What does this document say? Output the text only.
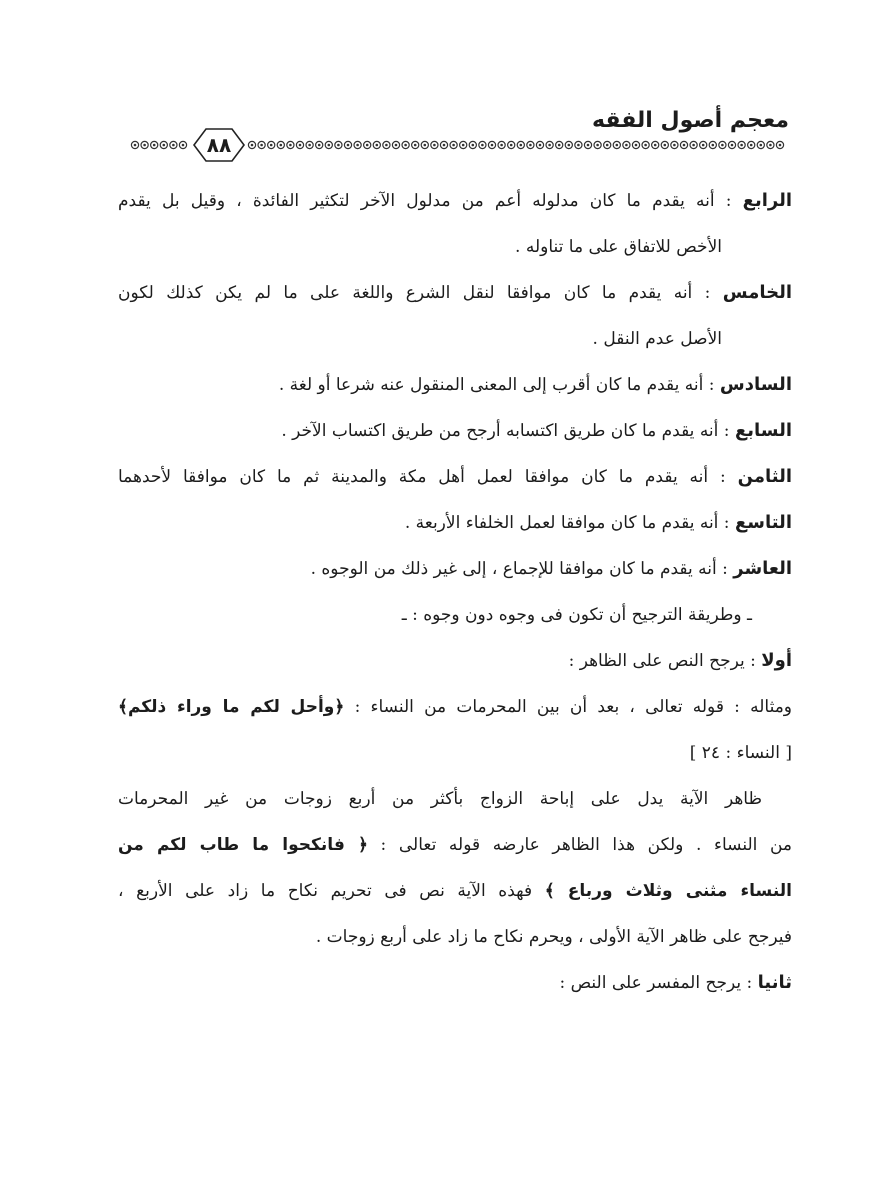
معجم أصول الفقه
٨٨
الرابع : أنه يقدم ما كان مدلوله أعم من مدلول الآخر لتكثير الفائدة ، وقيل بل يقدم
الأخص للاتفاق على ما تناوله .
الخامس : أنه يقدم ما كان موافقا لنقل الشرع واللغة على ما لم يكن كذلك لكون
الأصل عدم النقل .
السادس : أنه يقدم ما كان أقرب إلى المعنى المنقول عنه شرعا أو لغة .
السابع : أنه يقدم ما كان طريق اكتسابه أرجح من طريق اكتساب الآخر .
الثامن : أنه يقدم ما كان موافقا لعمل أهل مكة والمدينة ثم ما كان موافقا لأحدهما
التاسع : أنه يقدم ما كان موافقا لعمل الخلفاء الأربعة .
العاشر : أنه يقدم ما كان موافقا للإجماع ، إلى غير ذلك من الوجوه .
ـ وطريقة الترجيح أن تكون فى وجوه دون وجوه : ـ
أولا : يرجح النص على الظاهر :
ومثاله : قوله تعالى ، بعد أن بين المحرمات من النساء : ﴿وأحل لكم ما وراء ذلكم﴾
[ النساء : ٢٤ ]
ظاهر الآية يدل على إباحة الزواج بأكثر من أربع زوجات من غير المحرمات
من النساء . ولكن هذا الظاهر عارضه قوله تعالى : ﴿ فانكحوا ما طاب لكم من
النساء مثنى وثلاث ورباع ﴾ فهذه الآية نص فى تحريم نكاح ما زاد على الأربع ،
فيرجح على ظاهر الآية الأولى ، ويحرم نكاح ما زاد على أربع زوجات .
ثانيا : يرجح المفسر على النص :
